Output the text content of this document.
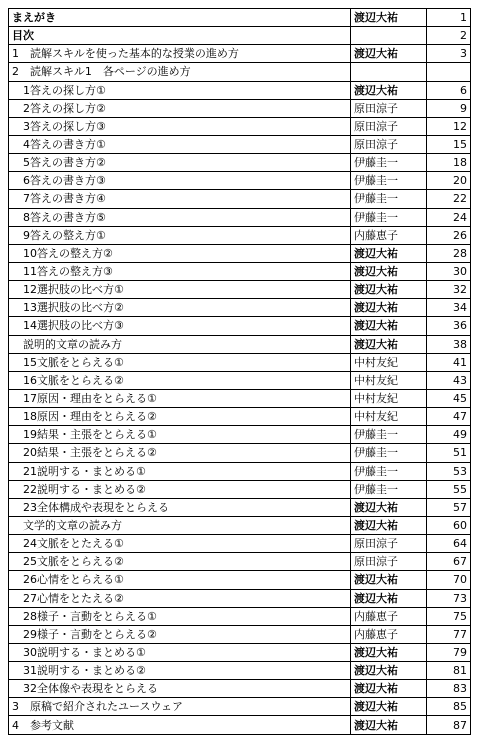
まえがき	渡辺大祐	1
目次		2
1　読解スキルを使った基本的な授業の進め方	渡辺大祐	3
2　読解スキル1　各ページの進め方		
1答えの探し方①	渡辺大祐	6
2答えの探し方②	原田涼子	9
3答えの探し方③	原田涼子	12
4答えの書き方①	原田涼子	15
5答えの書き方②	伊藤圭一	18
6答えの書き方③	伊藤圭一	20
7答えの書き方④	伊藤圭一	22
8答えの書き方⑤	伊藤圭一	24
9答えの整え方①	内藤恵子	26
10答えの整え方②	渡辺大祐	28
11答えの整え方③	渡辺大祐	30
12選択肢の比べ方①	渡辺大祐	32
13選択肢の比べ方②	渡辺大祐	34
14選択肢の比べ方③	渡辺大祐	36
説明的文章の読み方	渡辺大祐	38
15文脈をとらえる①	中村友紀	41
16文脈をとらえる②	中村友紀	43
17原因・理由をとらえる①	中村友紀	45
18原因・理由をとらえる②	中村友紀	47
19結果・主張をとらえる①	伊藤圭一	49
20結果・主張をとらえる②	伊藤圭一	51
21説明する・まとめる①	伊藤圭一	53
22説明する・まとめる②	伊藤圭一	55
23全体構成や表現をとらえる	渡辺大祐	57
文学的文章の読み方	渡辺大祐	60
24文脈をとたえる①	原田涼子	64
25文脈をとらえる②	原田涼子	67
26心情をとらえる①	渡辺大祐	70
27心情をとたえる②	渡辺大祐	73
28様子・言動をとらえる①	内藤恵子	75
29様子・言動をとらえる②	内藤恵子	77
30説明する・まとめる①	渡辺大祐	79
31説明する・まとめる②	渡辺大祐	81
32全体像や表現をとらえる	渡辺大祐	83
3　原稿で紹介されたユースウェア	渡辺大祐	85
4　参考文献	渡辺大祐	87
